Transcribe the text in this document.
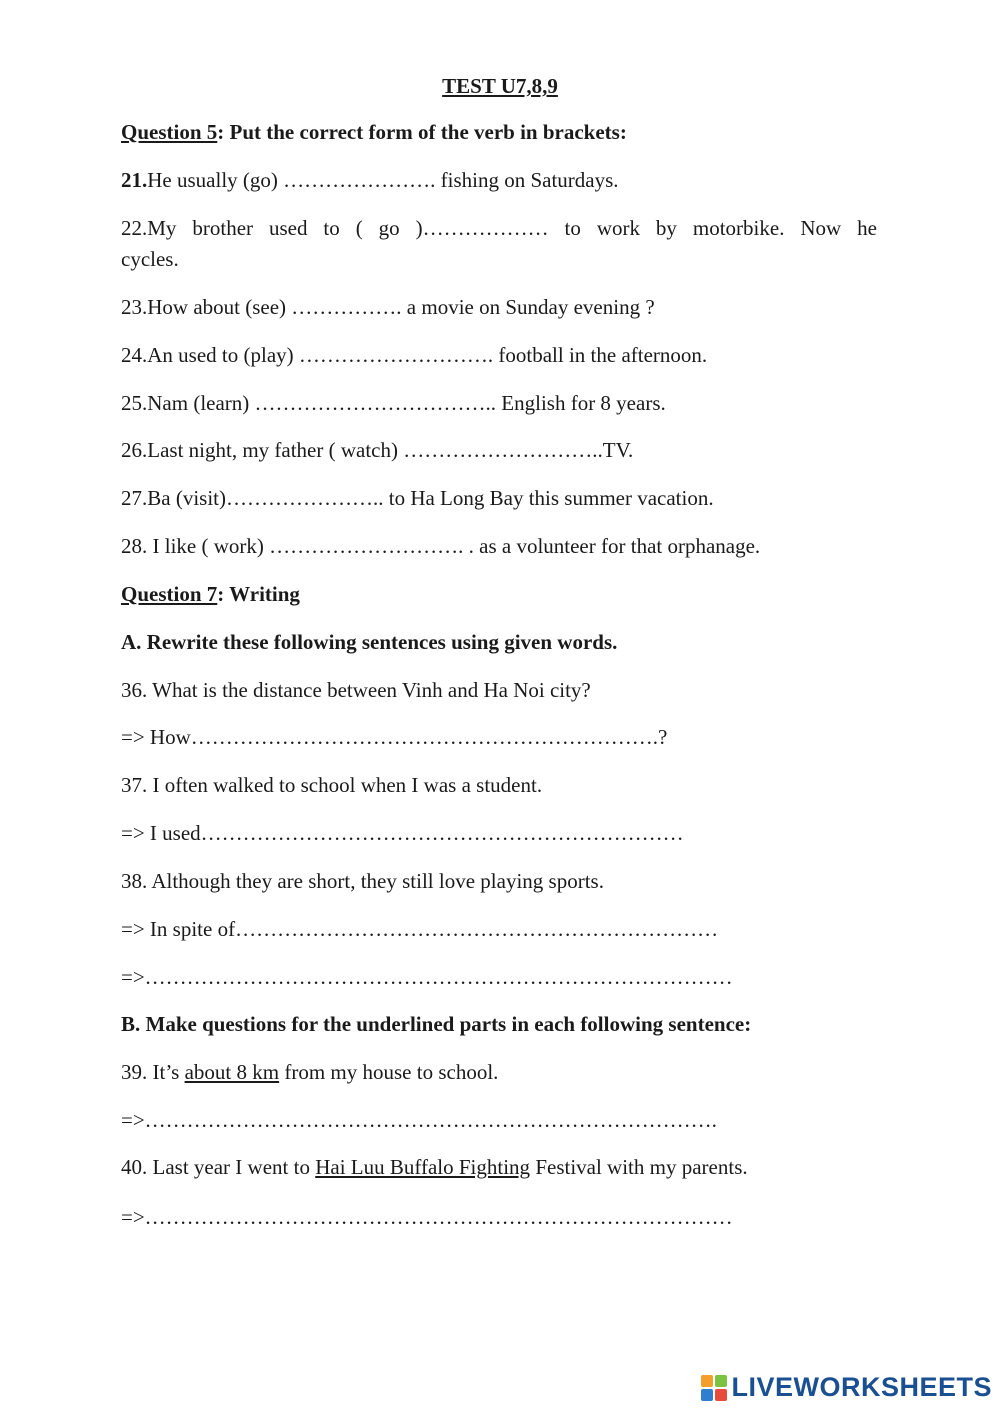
TEST U7,8,9
Question 5: Put the correct form of the verb in brackets:
21.He usually (go) …………………. fishing on Saturdays.
22.My brother used to ( go )……………… to work by motorbike. Now he
cycles.
23.How about (see) ……………. a movie on Sunday evening ?
24.An used to (play) ………………………. football in the afternoon.
25.Nam (learn) …………………………….. English for 8 years.
26.Last night, my father ( watch) ………………………..TV.
27.Ba (visit)………………….. to Ha Long Bay this summer vacation.
28. I like ( work) ………………………. . as a volunteer for that orphanage.
Question 7: Writing
A. Rewrite these following sentences using given words.
36. What is the distance between Vinh and Ha Noi city?
=> How………………………………………………………….?
37. I often walked to school when I was a student.
=> I used……………………………………………………………
38. Although they are short, they still love playing sports.
=> In spite of……………………………………………………………
=>…………………………………………………………………………
B. Make questions for the underlined parts in each following sentence:
39. It’s about 8 km from my house to school.
=>……………………………………………………………………….
40. Last year I went to Hai Luu Buffalo Fighting Festival with my parents.
=>…………………………………………………………………………
LIVEWORKSHEETS
